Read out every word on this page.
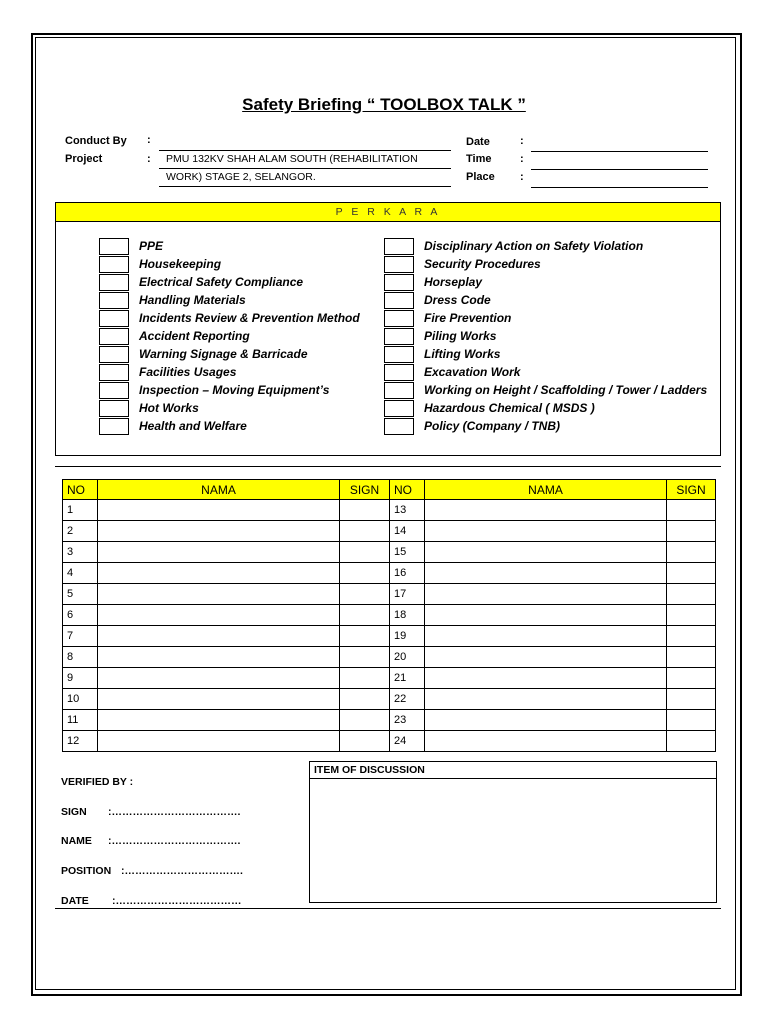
Safety Briefing “ TOOLBOX TALK ”
Conduct By :
Project	: PMU 132KV SHAH ALAM SOUTH (REHABILITATION
WORK) STAGE 2, SELANGOR.
Date	:
Time	:
Place :
P E R K A R A
PPE
Housekeeping
Electrical Safety Compliance
Handling Materials
Incidents Review & Prevention Method
Accident Reporting
Warning Signage & Barricade
Facilities Usages
Inspection – Moving Equipment’s
Hot Works
Health and Welfare
Disciplinary Action on Safety Violation
Security Procedures
Horseplay
Dress Code
Fire Prevention
Piling Works
Lifting Works
Excavation Work
Working on Height / Scaffolding / Tower / Ladders
Hazardous Chemical ( MSDS )
Policy (Company / TNB)
NO	NAMA	SIGN	NO	NAMA	SIGN
1			13		
2			14		
3			15		
4			16		
5			17		
6			18		
7			19		
8			20		
9			21		
10			22		
11			23		
12			24		
VERIFIED BY :
SIGN :……………………………….
NAME :……………………………….
POSITION :…………………………….
DATE :………………………………
ITEM OF DISCUSSION
